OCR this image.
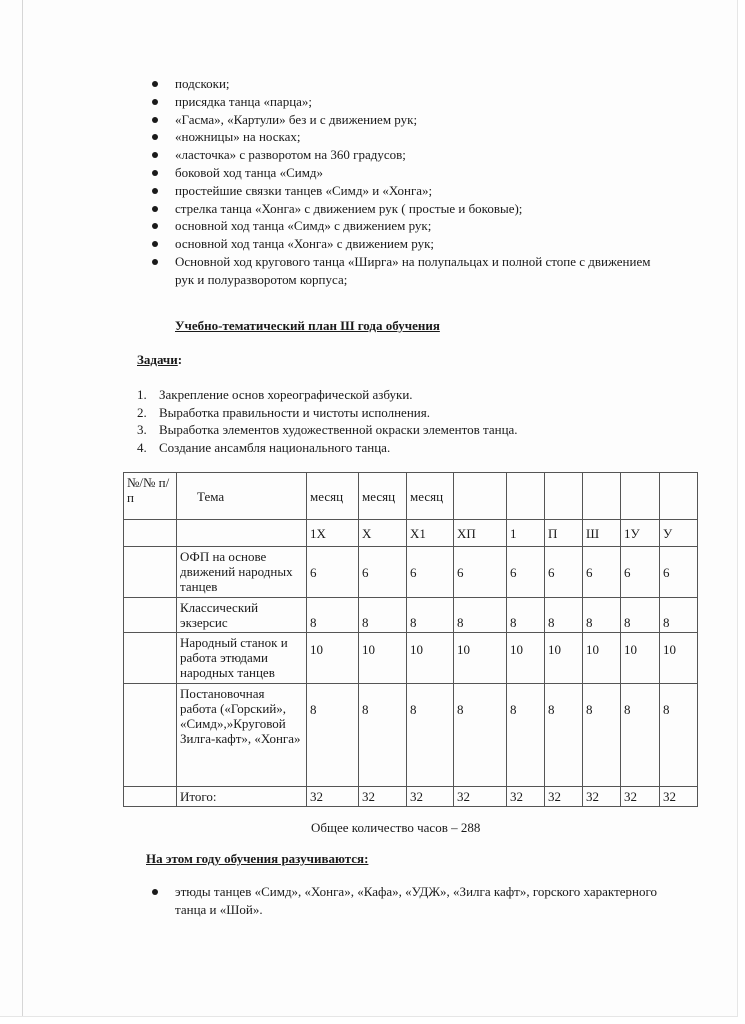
подскоки;
присядка танца «парца»;
«Гасма», «Картули» без и с движением рук;
«ножницы» на носках;
«ласточка» с разворотом на 360 градусов;
боковой ход танца «Симд»
простейшие связки танцев «Симд» и «Хонга»;
стрелка танца «Хонга» с движением рук ( простые и боковые);
основной ход танца «Симд» с движением рук;
основной ход танца «Хонга» с движением рук;
Основной ход кругового танца «Ширга» на полупальцах и полной стопе с движением рук и полуразворотом корпуса;
Учебно-тематический план Ш года обучения
Задачи:
1. Закрепление основ хореографической азбуки.
2. Выработка правильности и чистоты исполнения.
3. Выработка элементов художественной окраски элементов танца.
4. Создание ансамбля национального танца.
№/№ п/п	Тема	месяц	месяц	месяц						
		1Х	Х	Х1	ХП	1	П	Ш	1У	У
	ОФП на основе движений народных танцев	6	6	6	6	6	6	6	6	6
	Классический экзерсис	8	8	8	8	8	8	8	8	8
	Народный станок и работа этюдами народных танцев	10	10	10	10	10	10	10	10	10
	Постановочная работа («Горский», «Симд»,»Круговой Зилга-кафт», «Хонга»	8	8	8	8	8	8	8	8	8
	Итого:	32	32	32	32	32	32	32	32	32
Общее количество часов – 288
На этом году обучения разучиваются:
этюды танцев «Симд», «Хонга», «Кафа», «УДЖ», «Зилга кафт», горского характерного танца и «Шой».
